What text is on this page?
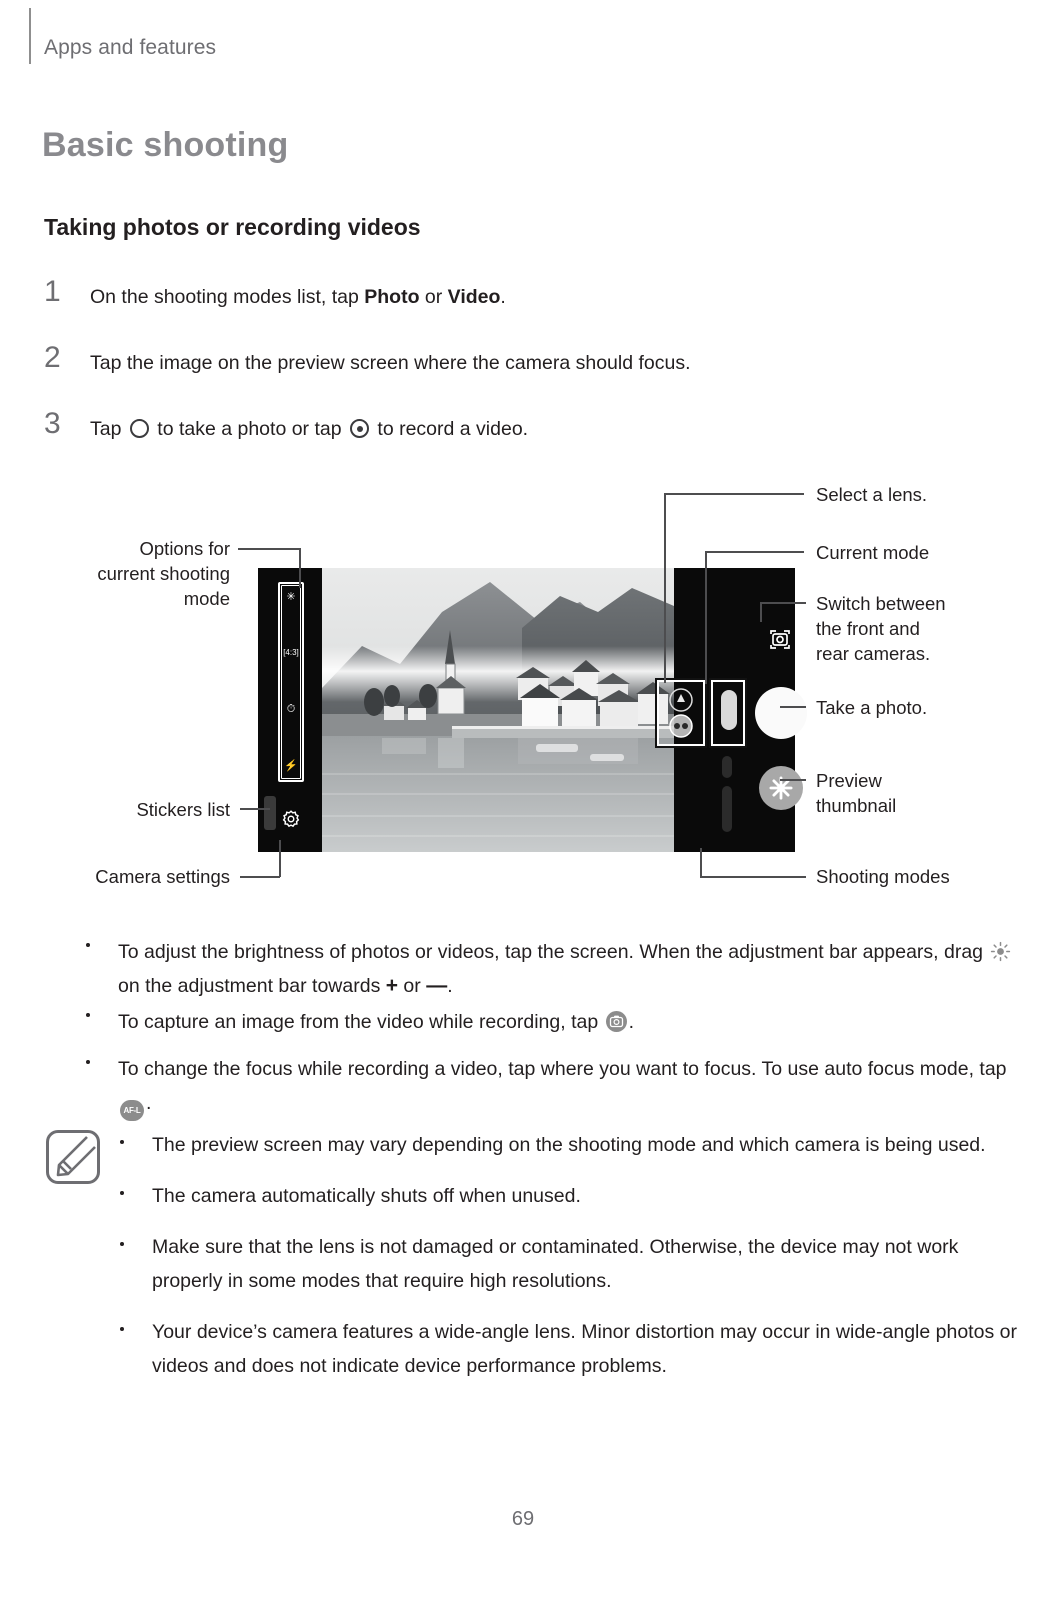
Apps and features
Basic shooting
Taking photos or recording videos
1 On the shooting modes list, tap Photo or Video.
2 Tap the image on the preview screen where the camera should focus.
3 Tap  to take a photo or tap  to record a video.
✳
[4:3]
⏱
⚡
Options for
current shooting
mode
Stickers list
Camera settings
Select a lens.
Current mode
Switch between
the front and
rear cameras.
Take a photo.
Preview
thumbnail
Shooting modes
To adjust the brightness of photos or videos, tap the screen. When the adjustment bar appears, drag
on the adjustment bar towards + or —.
To capture an image from the video while recording, tap
.
To change the focus while recording a video, tap where you want to focus. To use auto focus mode, tap AF-L .
The preview screen may vary depending on the shooting mode and which camera is being used.
The camera automatically shuts off when unused.
Make sure that the lens is not damaged or contaminated. Otherwise, the device may not work properly in some modes that require high resolutions.
Your device’s camera features a wide-angle lens. Minor distortion may occur in wide-angle photos or videos and does not indicate device performance problems.
69
